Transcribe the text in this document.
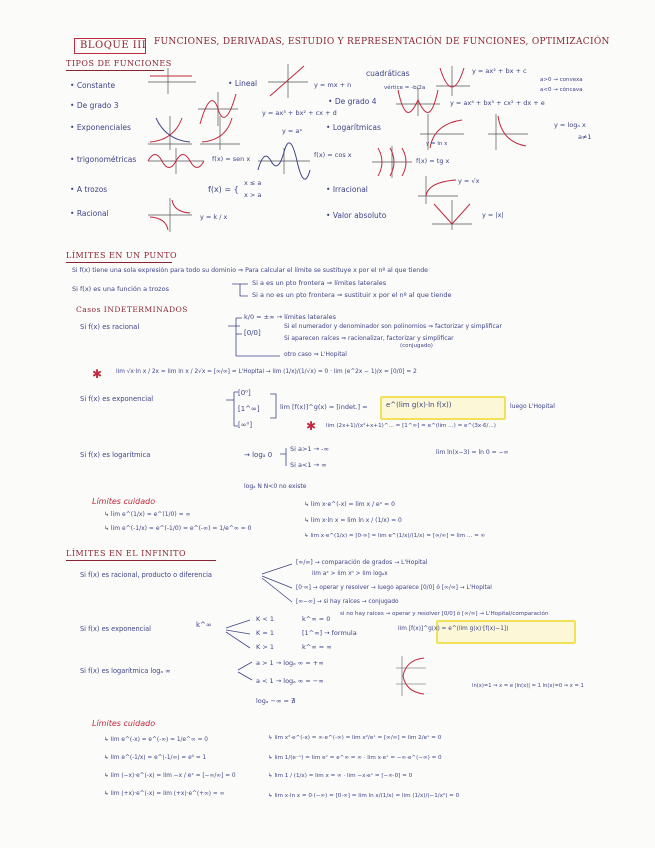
BLOQUE III FUNCIONES, DERIVADAS, ESTUDIO Y REPRESENTACIÓN DE FUNCIONES, OPTIMIZACIÓN
TIPOS DE FUNCIONES
• Constante	• Lineal	y = mx + n
cuadráticas	y = ax² + bx + c
vértice = -b/2a
a>0 → convexa
a<0 → cóncava
• De grado 3
y = ax³ + bx² + cx + d
• De grado 4	y = ax⁴ + bx³ + cx² + dx + e
• Exponenciales	y = aˣ	• Logarítmicas
y = ln x
y = logₐ x
a≠1
• trigonométricas	f(x) = sen x	f(x) = cos x
f(x) = tg x
• A trozos	f(x) = {
x ≤ a
x > a
• Irracional
y = √x
• Racional	y = k / x	• Valor absoluto	y = |x|
LÍMITES EN UN PUNTO
Si f(x) tiene una sola expresión para todo su dominio ⇒ Para calcular el límite se sustituye x por el nº al que tiende
Si f(x) es una función a trozos
Si a es un pto frontera ⇒ límites laterales
Si a no es un pto frontera ⇒ sustituir x por el nº al que tiende
Casos INDETERMINADOS
Si f(x) es racional
k/0 = ±∞ → límites laterales
[0/0]
Si el numerador y denominador son polinomios ⇒ factorizar y simplificar
Si aparecen raíces ⇒ racionalizar, factorizar y simplificar
(conjugado)
otro caso ⇒ L'Hopital
✱ lim √x·ln x / 2x = lim ln x / 2√x = [∞/∞] = L'Hopital → lim (1/x)/(1/√x) = 0 · lim (e^2x − 1)/x = [0/0] = 2
Si f(x) es exponencial
[0⁰]
[1^∞]
[∞⁰]
lim [f(x)]^g(x) = [indet.] =	e^(lim g(x)·ln f(x))	luego L'Hopital
✱ lim (2x+1)/(x²+x+1)^... = [1^∞] = e^(lim ...) = e^(3x·6/...)
Si f(x) es logarítmica	→ logₐ 0
Si a>1 → -∞
Si a<1 → ∞
lim ln(x−3) = ln 0 = −∞
logₐ N N<0 no existe
Límites cuidado
↳ lim e^(1/x) = e^(1/0) = ∞
↳ lim e^(-1/x) = e^(-1/0) = e^(-∞) = 1/e^∞ = 0
↳ lim x·e^(-x) = lim x / eˣ = 0
↳ lim x·ln x = lim ln x / (1/x) = 0
↳ lim x·e^(1/x) = [0·∞] = lim e^(1/x)/(1/x) = [∞/∞] = lim ... = ∞
LÍMITES EN EL INFINITO
Si f(x) es racional, producto o diferencia
[∞/∞] → comparación de grados → L'Hopital
lim aˣ > lim xⁿ > lim logₐx
[0·∞] → operar y resolver → luego aparece [0/0] ó [∞/∞] → L'Hopital
[∞−∞] → si hay raíces → conjugado
si no hay raíces → operar y resolver [0/0] ó [∞/∞] → L'Hopital/comparación
Si f(x) es exponencial	k^∞
K < 1
K = 1
K > 1
k^∞ = 0
[1^∞] → formula
k^∞ = ∞
lim [f(x)]^g(x) = e^(lim g(x)·[f(x)−1])
Si f(x) es logarítmica logₐ ∞
a > 1 → logₐ ∞ = +∞
a < 1 → logₐ ∞ = −∞
logₐ −∞ = ∄
ln(x)=1 ⇒ x = e |ln(x)| = 1 ln(x)=0 ⇒ x = 1
Límites cuidado
↳ lim e^(-x) = e^(-∞) = 1/e^∞ = 0
↳ lim e^(-1/x) = e^(-1/∞) = e⁰ = 1
↳ lim (−x)·e^(-x) = lim −x / eˣ = [−∞/∞] = 0
↳ lim (+x)·e^(-x) = lim (+x)·e^(+∞) = ∞
↳ lim x²·e^(-x) = ∞·e^(-∞) = lim x²/eˣ = [∞/∞] = lim 2/eˣ = 0
↳ lim 1/(e⁻ˣ) = lim eˣ = e^∞ = ∞ · lim x·eˣ = −∞·e^(−∞) = 0
↳ lim 1 / (1/x) = lim x = ∞ · lim −x·eˣ = [−∞·0] = 0
↳ lim x·ln x = 0·(−∞) = [0·∞] = lim ln x/(1/x) = lim (1/x)/(−1/x²) = 0
